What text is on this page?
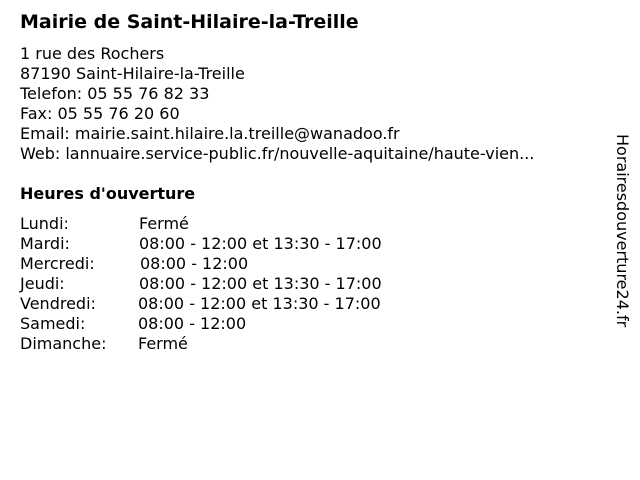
Mairie de Saint-Hilaire-la-Treille
1 rue des Rochers
87190 Saint-Hilaire-la-Treille
Telefon: 05 55 76 82 33
Fax: 05 55 76 20 60
Email: mairie.saint.hilaire.la.treille@wanadoo.fr
Web: lannuaire.service-public.fr/nouvelle-aquitaine/haute-vien...
Heures d'ouverture
Lundi:	Fermé
Mardi:	08:00 - 12:00 et 13:30 - 17:00
Mercredi:	08:00 - 12:00
Jeudi:	08:00 - 12:00 et 13:30 - 17:00
Vendredi:	08:00 - 12:00 et 13:30 - 17:00
Samedi:	08:00 - 12:00
Dimanche: Fermé
Horairesdouverture24.fr
